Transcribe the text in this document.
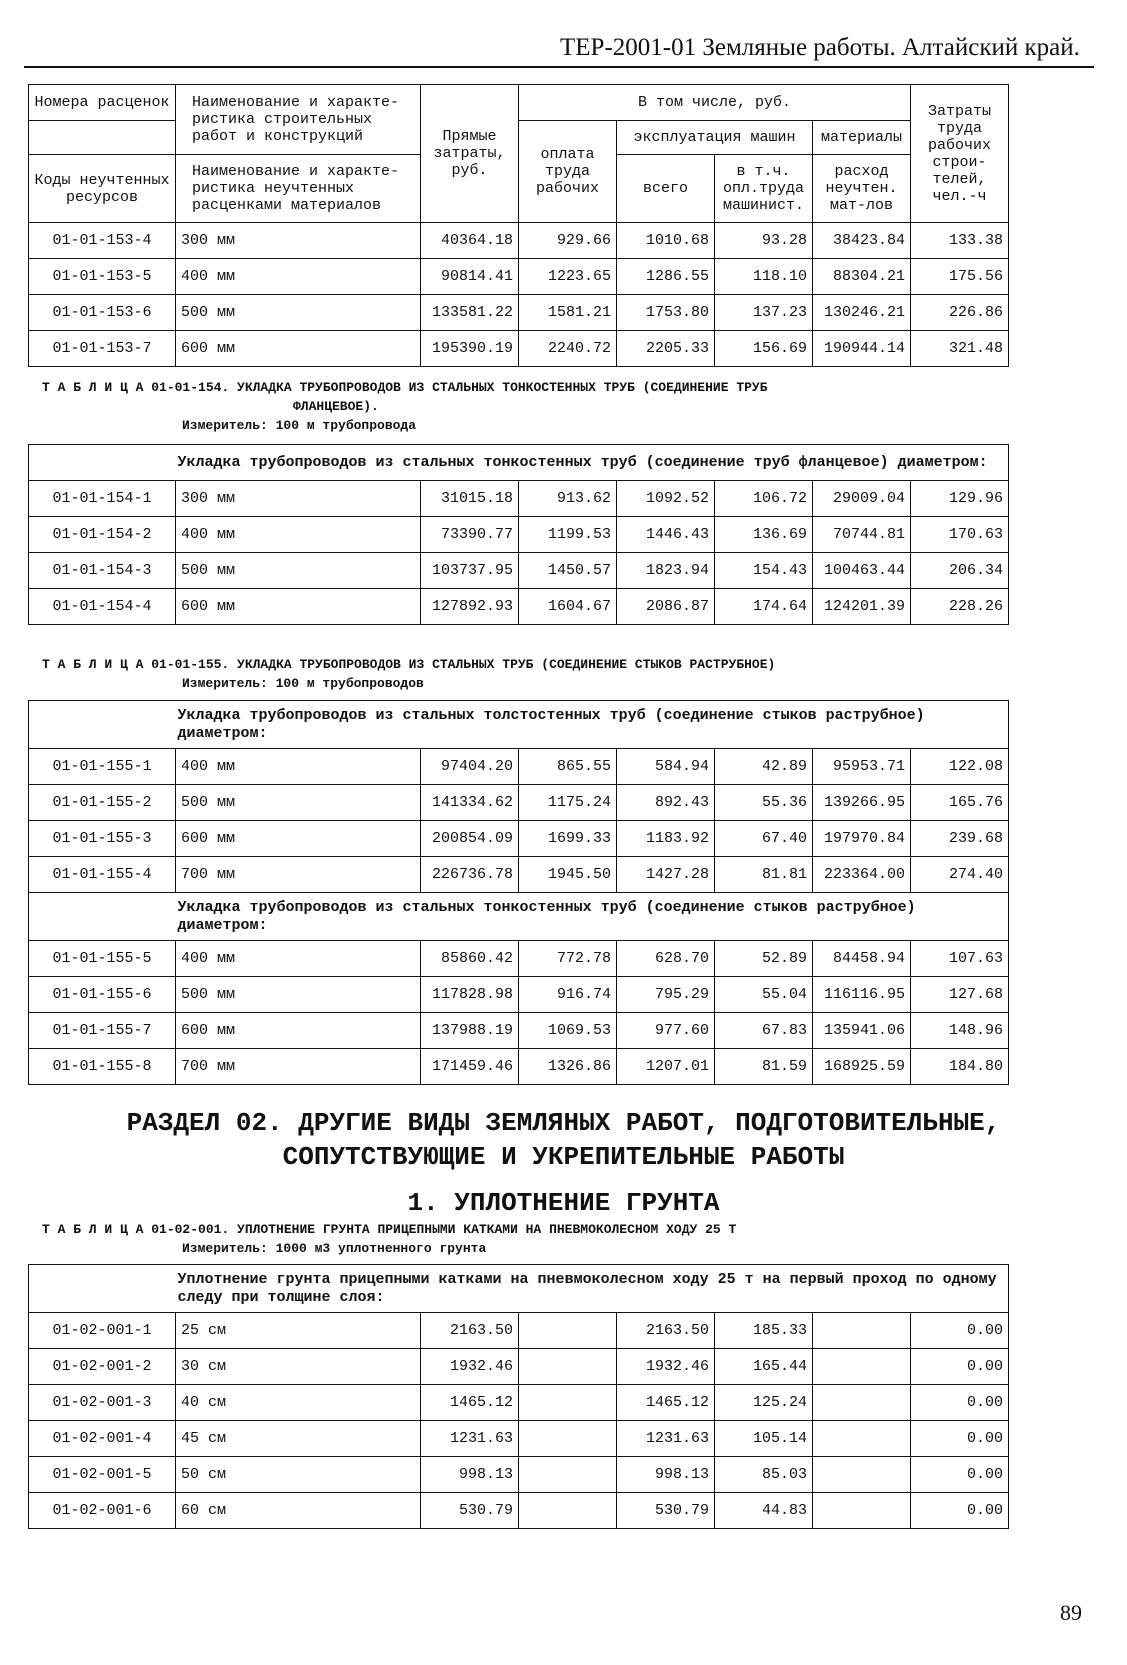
ТЕР-2001-01 Земляные работы. Алтайский край.
Номера расценок	Наименование и характе- ристика строительных работ и конструкций	Прямые затраты, руб.	В том числе, руб.				Затраты труда рабочих строи- телей, чел.-ч
			оплата труда рабочих	эксплуатация машин		материалы	
Коды неучтенных ресурсов	Наименование и характе- ристика неучтенных расценками материалов			всего	в т.ч. опл.труда машинист.	расход неучтен. мат-лов	

01-01-153-4	300 мм	40364.18	929.66	1010.68	93.28	38423.84	133.38
01-01-153-5	400 мм	90814.41	1223.65	1286.55	118.10	88304.21	175.56
01-01-153-6	500 мм	133581.22	1581.21	1753.80	137.23	130246.21	226.86
01-01-153-7	600 мм	195390.19	2240.72	2205.33	156.69	190944.14	321.48
Т А Б Л И Ц А 01-01-154. УКЛАДКА ТРУБОПРОВОДОВ ИЗ СТАЛЬНЫХ ТОНКОСТЕННЫХ ТРУБ (СОЕДИНЕНИЕ ТРУБ
ФЛАНЦЕВОЕ).
Измеритель: 100 м трубопровода
	Укладка трубопроводов из стальных тонкостенных труб (соединение труб фланцевое) диаметром:						
01-01-154-1	300 мм	31015.18	913.62	1092.52	106.72	29009.04	129.96
01-01-154-2	400 мм	73390.77	1199.53	1446.43	136.69	70744.81	170.63
01-01-154-3	500 мм	103737.95	1450.57	1823.94	154.43	100463.44	206.34
01-01-154-4	600 мм	127892.93	1604.67	2086.87	174.64	124201.39	228.26
Т А Б Л И Ц А 01-01-155. УКЛАДКА ТРУБОПРОВОДОВ ИЗ СТАЛЬНЫХ ТРУБ (СОЕДИНЕНИЕ СТЫКОВ РАСТРУБНОЕ)
Измеритель: 100 м трубопроводов
	Укладка трубопроводов из стальных толстостенных труб (соединение стыков раструбное) диаметром:						
01-01-155-1	400 мм	97404.20	865.55	584.94	42.89	95953.71	122.08
01-01-155-2	500 мм	141334.62	1175.24	892.43	55.36	139266.95	165.76
01-01-155-3	600 мм	200854.09	1699.33	1183.92	67.40	197970.84	239.68
01-01-155-4	700 мм	226736.78	1945.50	1427.28	81.81	223364.00	274.40
	Укладка трубопроводов из стальных тонкостенных труб (соединение стыков раструбное) диаметром:						
01-01-155-5	400 мм	85860.42	772.78	628.70	52.89	84458.94	107.63
01-01-155-6	500 мм	117828.98	916.74	795.29	55.04	116116.95	127.68
01-01-155-7	600 мм	137988.19	1069.53	977.60	67.83	135941.06	148.96
01-01-155-8	700 мм	171459.46	1326.86	1207.01	81.59	168925.59	184.80
РАЗДЕЛ 02. ДРУГИЕ ВИДЫ ЗЕМЛЯНЫХ РАБОТ, ПОДГОТОВИТЕЛЬНЫЕ,
СОПУТСТВУЮЩИЕ И УКРЕПИТЕЛЬНЫЕ РАБОТЫ
1. УПЛОТНЕНИЕ ГРУНТА
Т А Б Л И Ц А 01-02-001. УПЛОТНЕНИЕ ГРУНТА ПРИЦЕПНЫМИ КАТКАМИ НА ПНЕВМОКОЛЕСНОМ ХОДУ 25 Т
Измеритель: 1000 м3 уплотненного грунта
	Уплотнение грунта прицепными катками на пневмоколесном ходу 25 т на первый проход по одному следу при толщине слоя:						
01-02-001-1	25 см	2163.50		2163.50	185.33		0.00
01-02-001-2	30 см	1932.46		1932.46	165.44		0.00
01-02-001-3	40 см	1465.12		1465.12	125.24		0.00
01-02-001-4	45 см	1231.63		1231.63	105.14		0.00
01-02-001-5	50 см	998.13		998.13	85.03		0.00
01-02-001-6	60 см	530.79		530.79	44.83		0.00
89
